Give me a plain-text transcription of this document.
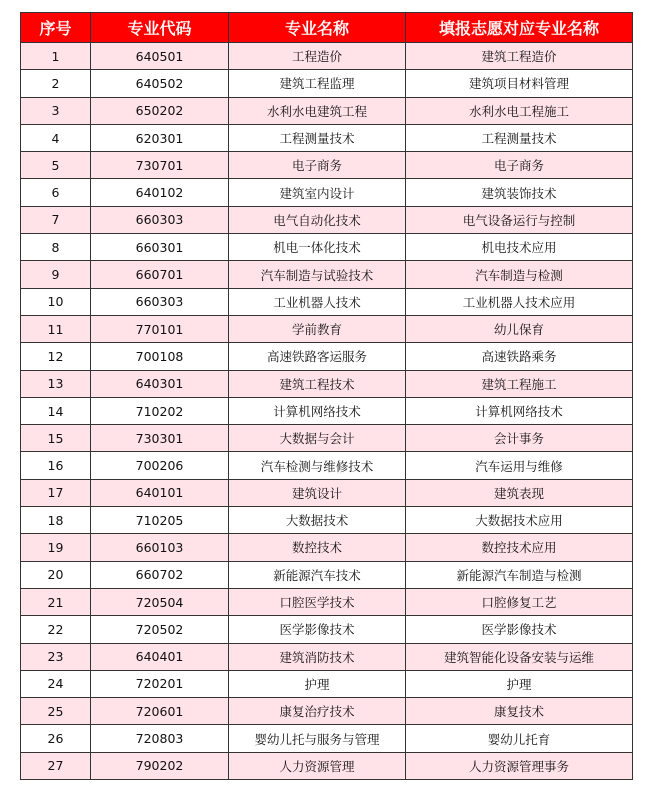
序号	专业代码	专业名称	填报志愿对应专业名称
1	640501	工程造价	建筑工程造价
2	640502	建筑工程监理	建筑项目材料管理
3	650202	水利水电建筑工程	水利水电工程施工
4	620301	工程测量技术	工程测量技术
5	730701	电子商务	电子商务
6	640102	建筑室内设计	建筑装饰技术
7	660303	电气自动化技术	电气设备运行与控制
8	660301	机电一体化技术	机电技术应用
9	660701	汽车制造与试验技术	汽车制造与检测
10	660303	工业机器人技术	工业机器人技术应用
11	770101	学前教育	幼儿保育
12	700108	高速铁路客运服务	高速铁路乘务
13	640301	建筑工程技术	建筑工程施工
14	710202	计算机网络技术	计算机网络技术
15	730301	大数据与会计	会计事务
16	700206	汽车检测与维修技术	汽车运用与维修
17	640101	建筑设计	建筑表现
18	710205	大数据技术	大数据技术应用
19	660103	数控技术	数控技术应用
20	660702	新能源汽车技术	新能源汽车制造与检测
21	720504	口腔医学技术	口腔修复工艺
22	720502	医学影像技术	医学影像技术
23	640401	建筑消防技术	建筑智能化设备安装与运维
24	720201	护理	护理
25	720601	康复治疗技术	康复技术
26	720803	婴幼儿托与服务与管理	婴幼儿托育
27	790202	人力资源管理	人力资源管理事务
